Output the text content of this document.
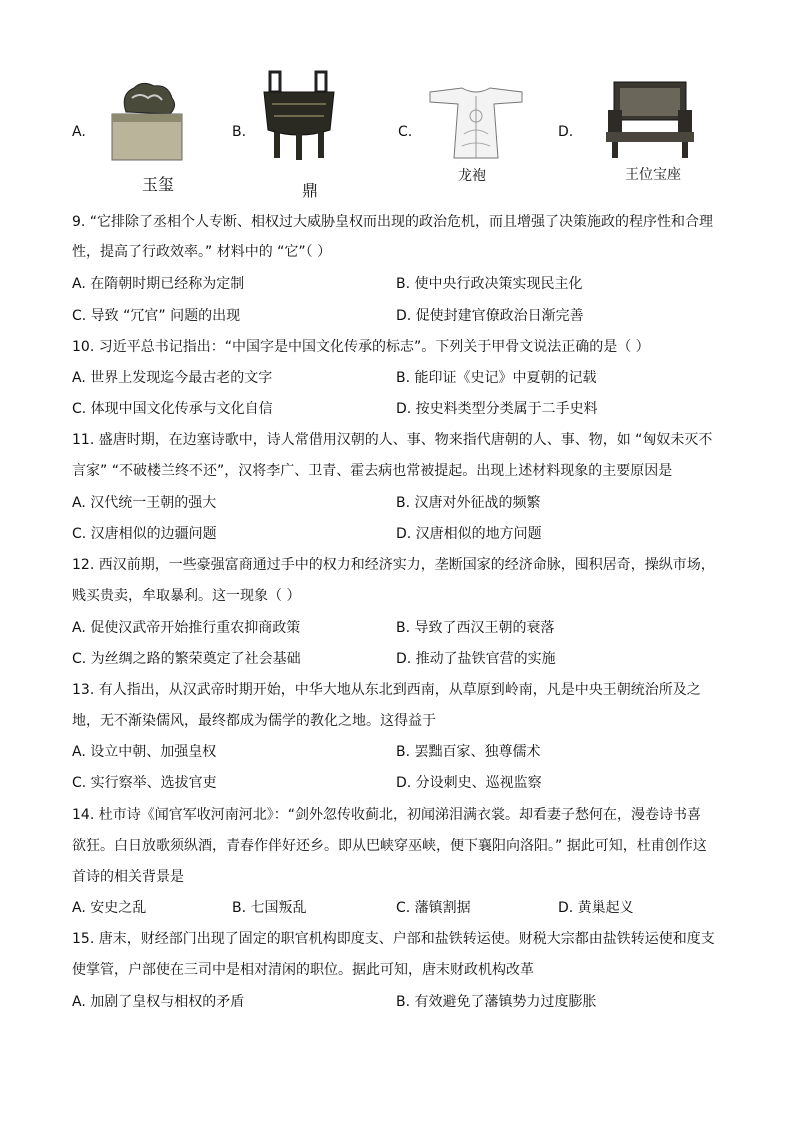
A.
玉玺
B.
鼎
C.
龙袍
D.
王位宝座
9. “它排除了丞相个人专断、相权过大威胁皇权而出现的政治危机，而且增强了决策施政的程序性和合理
性，提高了行政效率。” 材料中的 “它”（ ）
A. 在隋朝时期已经称为定制	B. 使中央行政决策实现民主化
C. 导致 “冗官” 问题的出现	D. 促使封建官僚政治日渐完善
10. 习近平总书记指出：“中国字是中国文化传承的标志”。下列关于甲骨文说法正确的是（ ）
A. 世界上发现迄今最古老的文字	B. 能印证《史记》中夏朝的记载
C. 体现中国文化传承与文化自信	D. 按史料类型分类属于二手史料
11. 盛唐时期，在边塞诗歌中，诗人常借用汉朝的人、事、物来指代唐朝的人、事、物，如 “匈奴未灭不
言家” “不破楼兰终不还”，汉将李广、卫青、霍去病也常被提起。出现上述材料现象的主要原因是
A. 汉代统一王朝的强大	B. 汉唐对外征战的频繁
C. 汉唐相似的边疆问题	D. 汉唐相似的地方问题
12. 西汉前期，一些豪强富商通过手中的权力和经济实力，垄断国家的经济命脉，囤积居奇，操纵市场，
贱买贵卖，牟取暴利。这一现象（ ）
A. 促使汉武帝开始推行重农抑商政策	B. 导致了西汉王朝的衰落
C. 为丝绸之路的繁荣奠定了社会基础	D. 推动了盐铁官营的实施
13. 有人指出，从汉武帝时期开始，中华大地从东北到西南，从草原到岭南，凡是中央王朝统治所及之
地，无不渐染儒风，最终都成为儒学的教化之地。这得益于
A. 设立中朝、加强皇权	B. 罢黜百家、独尊儒术
C. 实行察举、选拔官吏	D. 分设刺史、巡视监察
14. 杜市诗《闻官军收河南河北》：“剑外忽传收蓟北，初闻涕泪满衣裳。却看妻子愁何在，漫卷诗书喜
欲狂。白日放歌须纵酒，青春作伴好还乡。即从巴峡穿巫峡，便下襄阳向洛阳。” 据此可知，杜甫创作这
首诗的相关背景是
A. 安史之乱	B. 七国叛乱	C. 藩镇割据	D. 黄巢起义
15. 唐末，财经部门出现了固定的职官机构即度支、户部和盐铁转运使。财税大宗都由盐铁转运使和度支
使掌管，户部使在三司中是相对清闲的职位。据此可知，唐末财政机构改革
A. 加剧了皇权与相权的矛盾	B. 有效避免了藩镇势力过度膨胀
